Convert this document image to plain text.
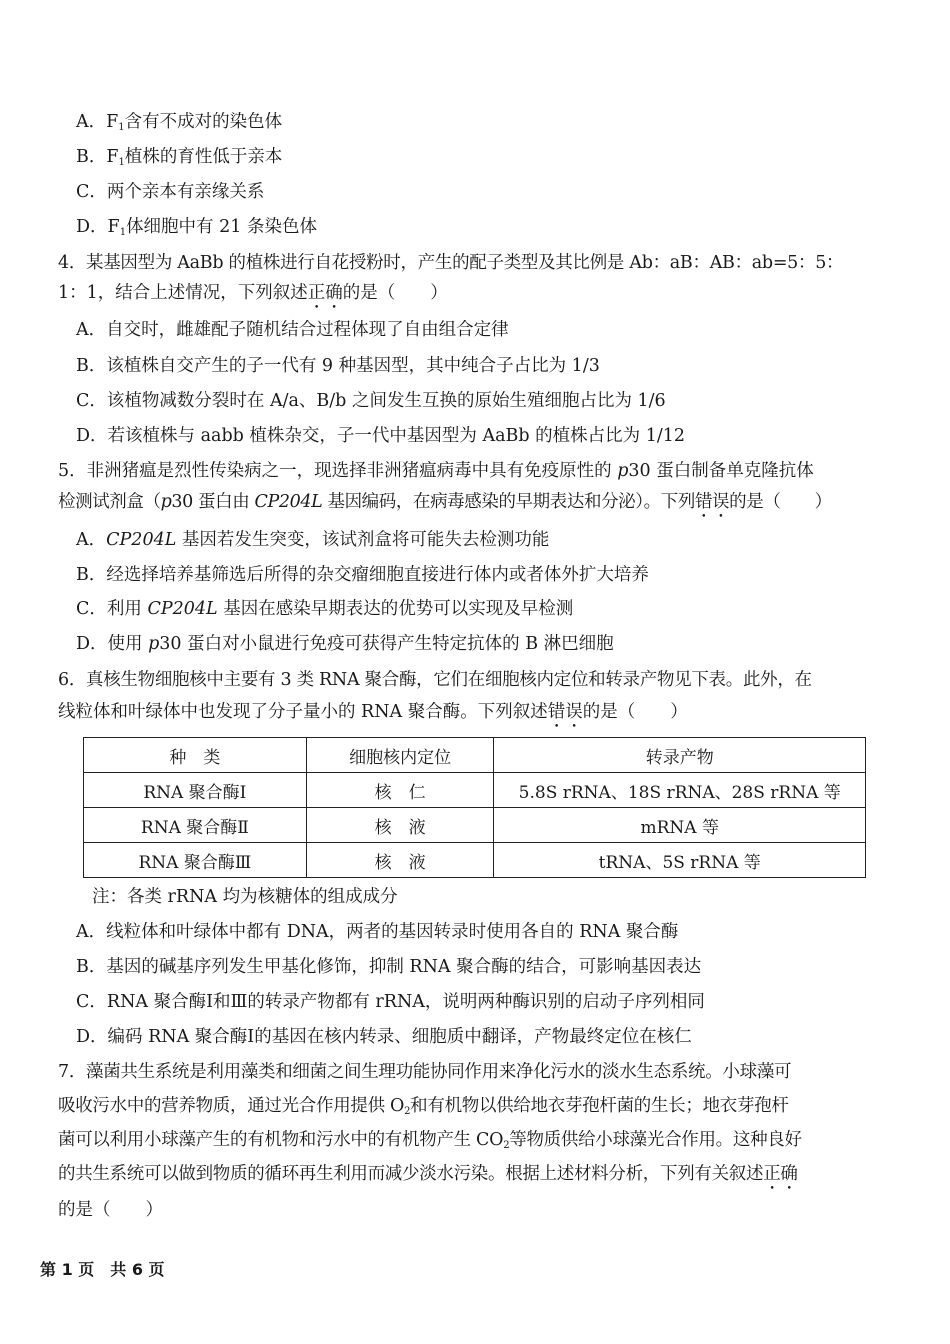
A．$F_1$含有不成对的染色体
B．$F_1$植株的育性低于亲本
C．两个亲本有亲缘关系
D．$F_1$体细胞中有 21 条染色体
4．某基因型为 AaBb 的植株进行自花授粉时，产生的配子类型及其比例是 Ab：aB：AB：ab=5：5：
1：1，结合上述情况，下列叙述正确的是（　　）
A．自交时，雌雄配子随机结合过程体现了自由组合定律
B．该植株自交产生的子一代有 9 种基因型，其中纯合子占比为 1/3
C．该植物减数分裂时在 A/a、B/b 之间发生互换的原始生殖细胞占比为 1/6
D．若该植株与 aabb 植株杂交，子一代中基因型为 AaBb 的植株占比为 1/12
5．非洲猪瘟是烈性传染病之一，现选择非洲猪瘟病毒中具有免疫原性的 p30 蛋白制备单克隆抗体
检测试剂盒（p30 蛋白由 CP204L 基因编码，在病毒感染的早期表达和分泌）。下列错误的是（　　）
A．CP204L 基因若发生突变，该试剂盒将可能失去检测功能
B．经选择培养基筛选后所得的杂交瘤细胞直接进行体内或者体外扩大培养
C．利用 CP204L 基因在感染早期表达的优势可以实现及早检测
D．使用 p30 蛋白对小鼠进行免疫可获得产生特定抗体的 B 淋巴细胞
6．真核生物细胞核中主要有 3 类 RNA 聚合酶，它们在细胞核内定位和转录产物见下表。此外，在
线粒体和叶绿体中也发现了分子量小的 RNA 聚合酶。下列叙述错误的是（　　）
种　类	细胞核内定位	转录产物
RNA 聚合酶Ⅰ	核　仁	5.8S rRNA、18S rRNA、28S rRNA 等
RNA 聚合酶Ⅱ	核　液	mRNA 等
RNA 聚合酶Ⅲ	核　液	tRNA、5S rRNA 等
注：各类 rRNA 均为核糖体的组成成分
A．线粒体和叶绿体中都有 DNA，两者的基因转录时使用各自的 RNA 聚合酶
B．基因的碱基序列发生甲基化修饰，抑制 RNA 聚合酶的结合，可影响基因表达
C．RNA 聚合酶Ⅰ和Ⅲ的转录产物都有 rRNA，说明两种酶识别的启动子序列相同
D．编码 RNA 聚合酶Ⅰ的基因在核内转录、细胞质中翻译，产物最终定位在核仁
7．藻菌共生系统是利用藻类和细菌之间生理功能协同作用来净化污水的淡水生态系统。小球藻可
吸收污水中的营养物质，通过光合作用提供 $O_2$和有机物以供给地衣芽孢杆菌的生长；地衣芽孢杆
菌可以利用小球藻产生的有机物和污水中的有机物产生 $CO_2$等物质供给小球藻光合作用。这种良好
的共生系统可以做到物质的循环再生利用而减少淡水污染。根据上述材料分析，下列有关叙述正确
的是（　　）
第 1 页　共 6 页
